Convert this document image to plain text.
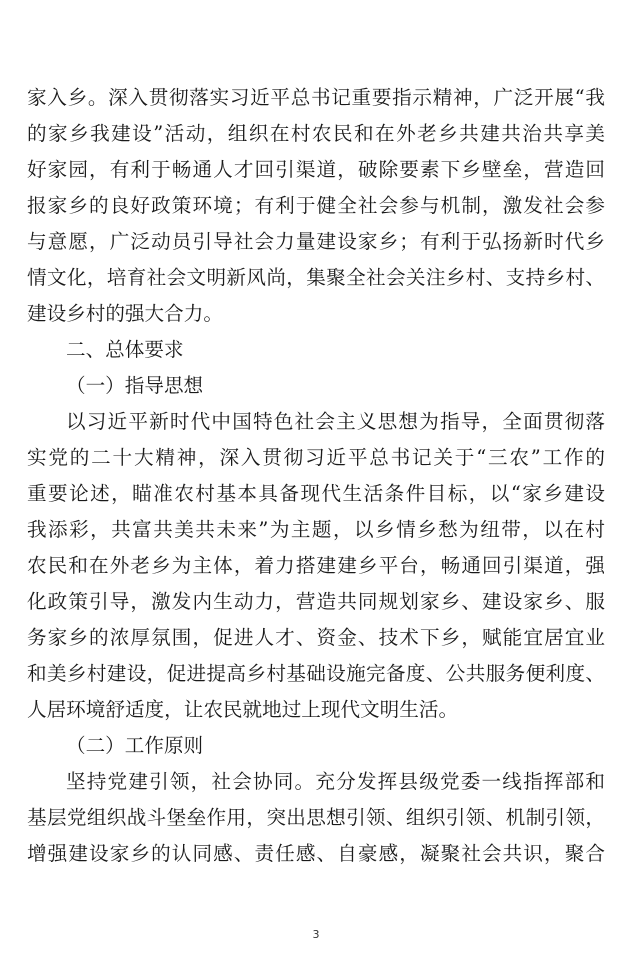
家入乡。深入贯彻落实习近平总书记重要指示精神，广泛开展“我
的家乡我建设”活动，组织在村农民和在外老乡共建共治共享美
好家园，有利于畅通人才回引渠道，破除要素下乡壁垒，营造回
报家乡的良好政策环境；有利于健全社会参与机制，激发社会参
与意愿，广泛动员引导社会力量建设家乡；有利于弘扬新时代乡
情文化，培育社会文明新风尚，集聚全社会关注乡村、支持乡村、
建设乡村的强大合力。
二、总体要求
（一）指导思想
以习近平新时代中国特色社会主义思想为指导，全面贯彻落
实党的二十大精神，深入贯彻习近平总书记关于“三农”工作的
重要论述，瞄准农村基本具备现代生活条件目标，以“家乡建设
我添彩，共富共美共未来”为主题，以乡情乡愁为纽带，以在村
农民和在外老乡为主体，着力搭建建乡平台，畅通回引渠道，强
化政策引导，激发内生动力，营造共同规划家乡、建设家乡、服
务家乡的浓厚氛围，促进人才、资金、技术下乡，赋能宜居宜业
和美乡村建设，促进提高乡村基础设施完备度、公共服务便利度、
人居环境舒适度，让农民就地过上现代文明生活。
（二）工作原则
坚持党建引领，社会协同。充分发挥县级党委一线指挥部和
基层党组织战斗堡垒作用，突出思想引领、组织引领、机制引领，
增强建设家乡的认同感、责任感、自豪感，凝聚社会共识，聚合
3
